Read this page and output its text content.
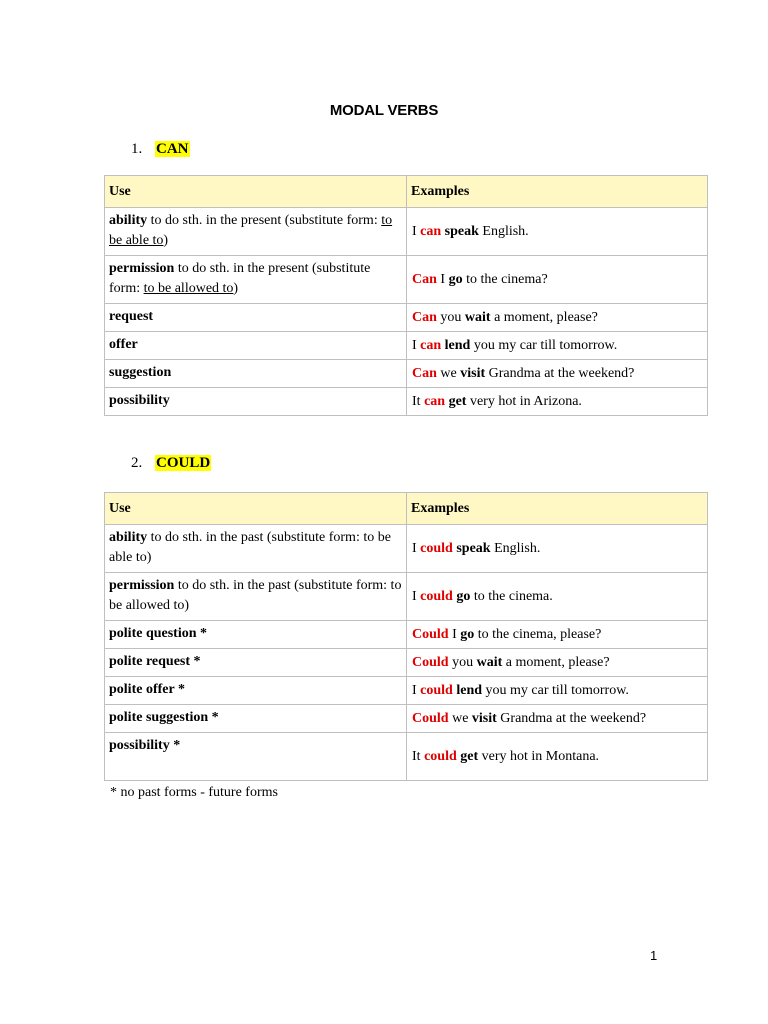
MODAL VERBS
1. CAN
Use	Examples
ability to do sth. in the present (substitute form: to be able to)	I can speak English.
permission to do sth. in the present (substitute form: to be allowed to)	Can I go to the cinema?
request	Can you wait a moment, please?
offer	I can lend you my car till tomorrow.
suggestion	Can we visit Grandma at the weekend?
possibility	It can get very hot in Arizona.
2. COULD
Use	Examples
ability to do sth. in the past (substitute form: to be able to)	I could speak English.
permission to do sth. in the past (substitute form: to be allowed to)	I could go to the cinema.
polite question *	Could I go to the cinema, please?
polite request *	Could you wait a moment, please?
polite offer *	I could lend you my car till tomorrow.
polite suggestion *	Could we visit Grandma at the weekend?
possibility *	It could get very hot in Montana.
* no past forms - future forms
1
